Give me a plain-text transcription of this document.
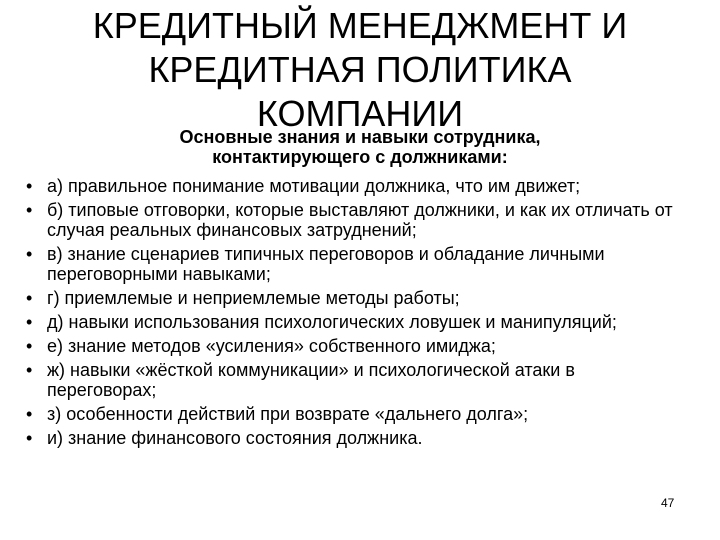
КРЕДИТНЫЙ МЕНЕДЖМЕНТ И КРЕДИТНАЯ ПОЛИТИКА КОМПАНИИ
Основные знания и навыки сотрудника, контактирующего с должниками:
• а) правильное понимание мотивации должника, что им движет;
• б) типовые отговорки, которые выставляют должники, и как их отличать от случая реальных финансовых затруднений;
• в) знание сценариев типичных переговоров и обладание личными переговорными навыками;
• г) приемлемые и неприемлемые методы работы;
• д) навыки использования психологических ловушек и манипуляций;
• е) знание методов «усиления» собственного имиджа;
• ж) навыки «жёсткой коммуникации» и психологической атаки в переговорах;
• з) особенности действий при возврате «дальнего долга»;
• и) знание финансового состояния должника.
47
